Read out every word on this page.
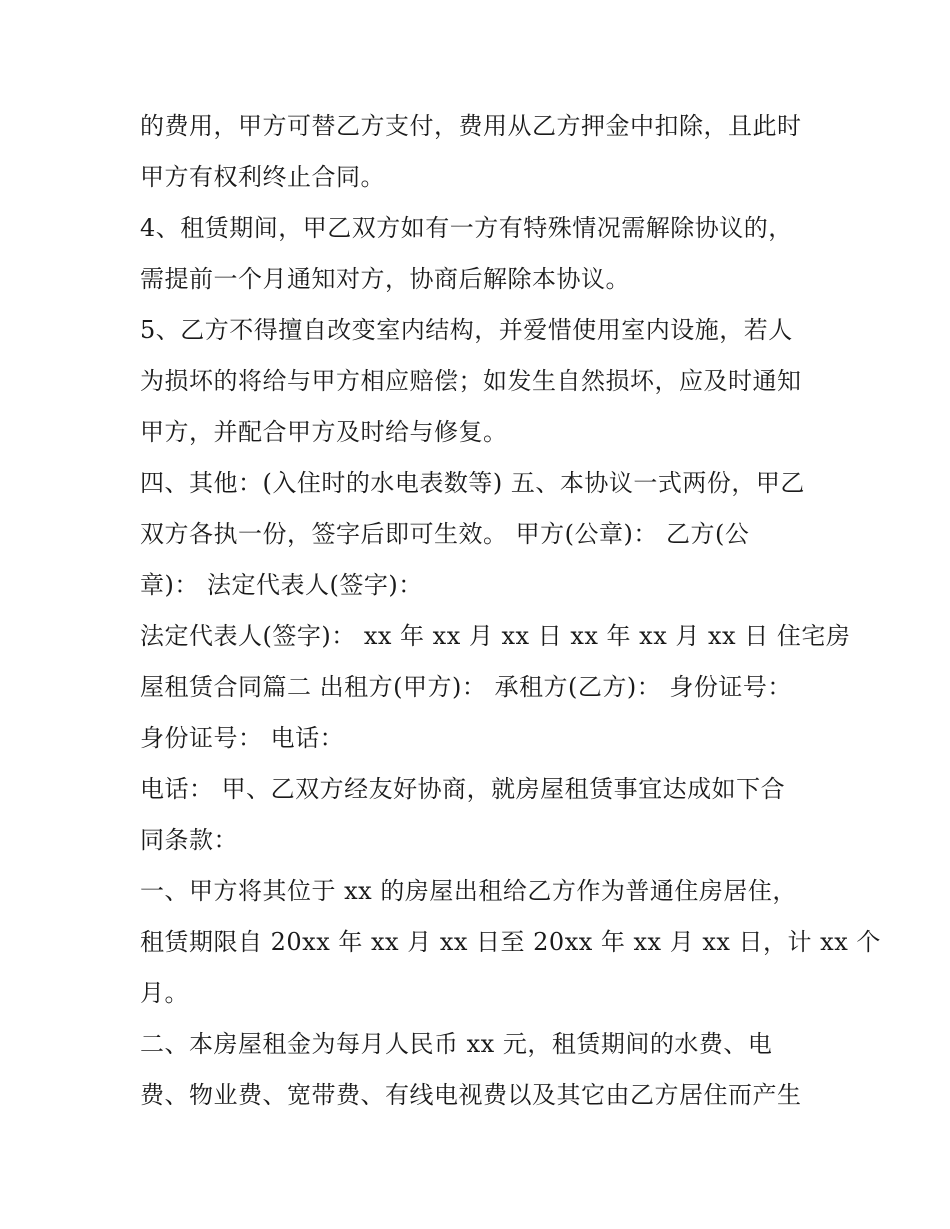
的费用，甲方可替乙方支付，费用从乙方押金中扣除，且此时
甲方有权利终止合同。
4、租赁期间，甲乙双方如有一方有特殊情况需解除协议的，
需提前一个月通知对方，协商后解除本协议。
5、乙方不得擅自改变室内结构，并爱惜使用室内设施，若人
为损坏的将给与甲方相应赔偿；如发生自然损坏，应及时通知
甲方，并配合甲方及时给与修复。
四、其他：(入住时的水电表数等) 五、本协议一式两份，甲乙
双方各执一份，签字后即可生效。 甲方(公章)： 乙方(公
章)： 法定代表人(签字)：
法定代表人(签字)： xx 年 xx 月 xx 日 xx 年 xx 月 xx 日 住宅房
屋租赁合同篇二 出租方(甲方)： 承租方(乙方)： 身份证号：
身份证号： 电话：
电话： 甲、乙双方经友好协商，就房屋租赁事宜达成如下合
同条款：
一、甲方将其位于 xx 的房屋出租给乙方作为普通住房居住，
租赁期限自 20xx 年 xx 月 xx 日至 20xx 年 xx 月 xx 日，计 xx 个
月。
二、本房屋租金为每月人民币 xx 元，租赁期间的水费、电
费、物业费、宽带费、有线电视费以及其它由乙方居住而产生
